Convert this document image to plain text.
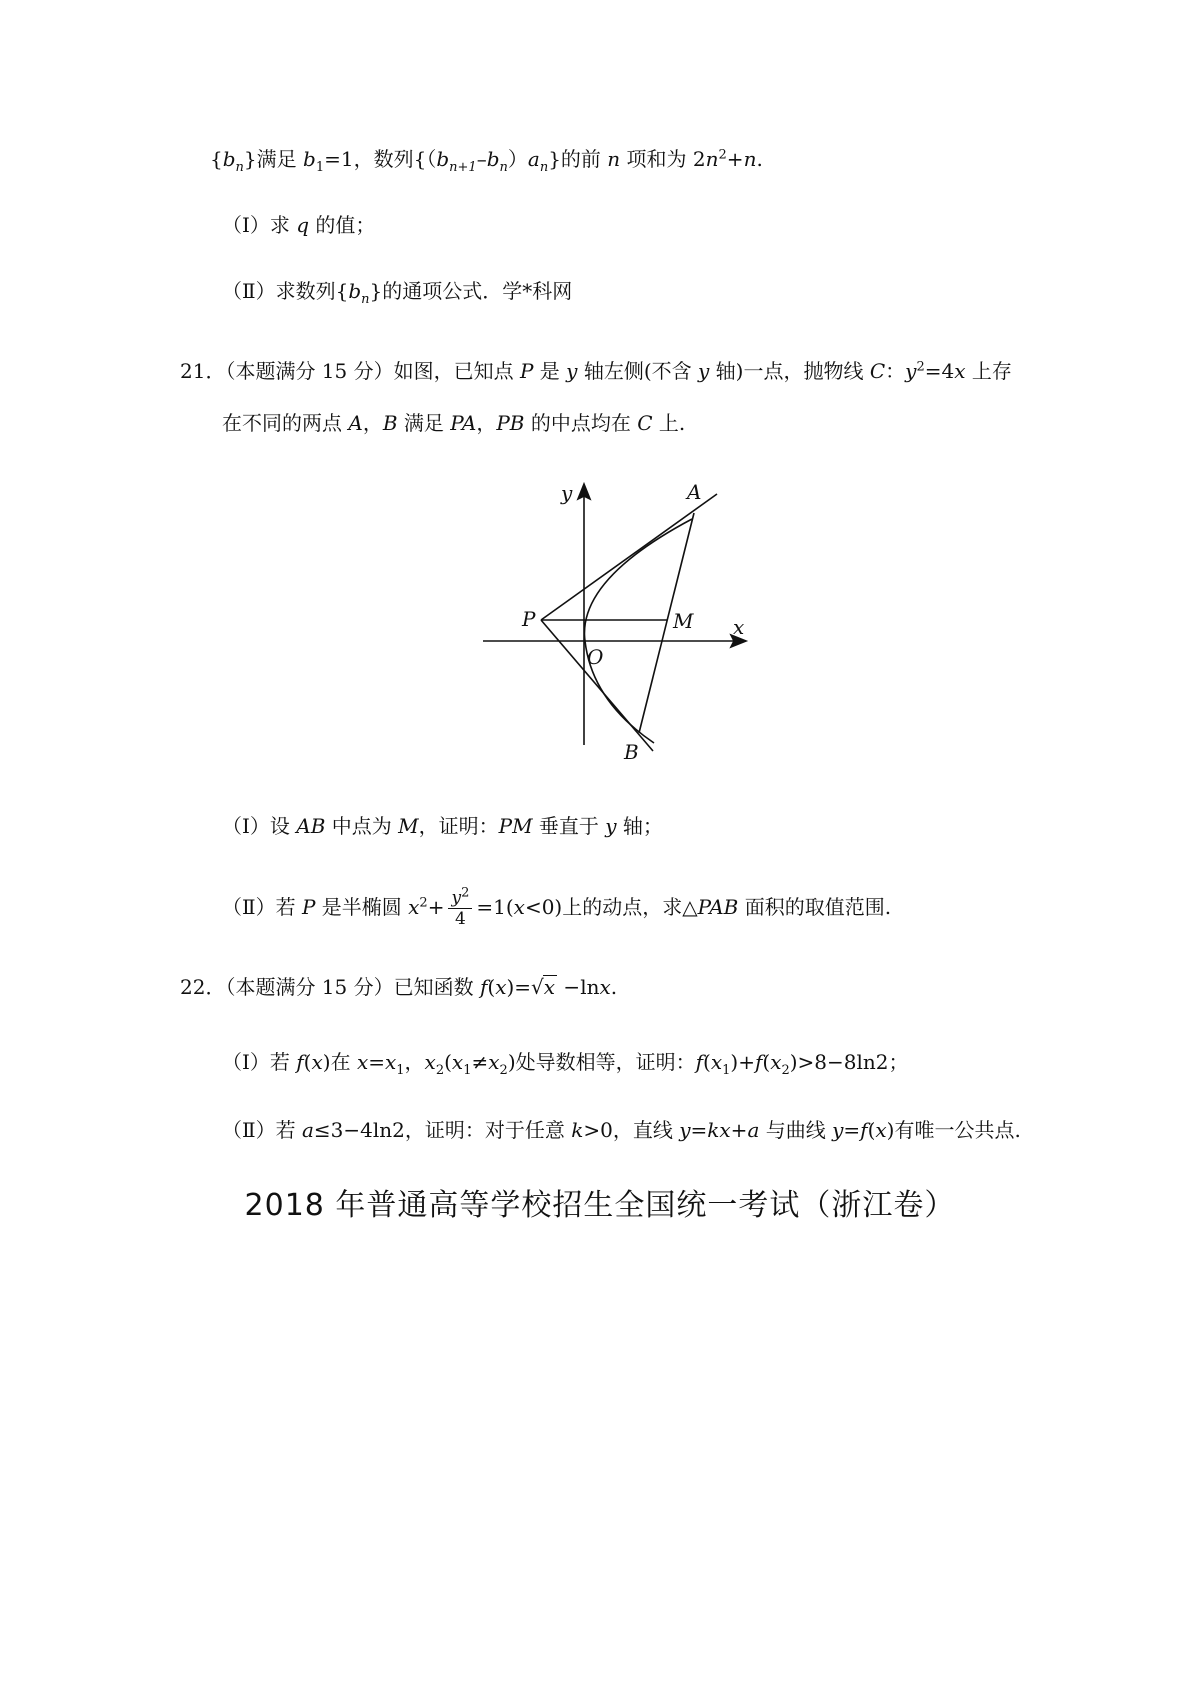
$\{b_n\}$满足 $b_1=1$，数列$\{(b_{n+1}-b_n)a_n\}$的前 n 项和为 $2n^2+n$.
（Ⅰ）求 q 的值；
（Ⅱ）求数列$\{b_n\}$的通项公式．学*科网
21．（本题满分 15 分）如图，已知点 P 是 y 轴左侧(不含 y 轴)一点，抛物线 C：$y^2=4x$ 上存
在不同的两点 A，B 满足 PA，PB 的中点均在 C 上.
y	A
P	M x
O
B
（Ⅰ）设 AB 中点为 M，证明：PM 垂直于 y 轴；
（Ⅱ）若 P 是半椭圆 $x^2+ \frac{y^2}{4} =1(x<0)$上的动点，求△PAB 面积的取值范围.
22．（本题满分 15 分）已知函数 f(x)=√x −lnx.
（Ⅰ）若 f(x)在 $x=x_1$，$x_2(x_1\ne x_2)$处导数相等，证明：$f(x_1)+f(x_2)>8-8\ln 2$；
（Ⅱ）若 a≤3−4ln2，证明：对于任意 k>0，直线 y=kx+a 与曲线 y=f(x)有唯一公共点.
2018 年普通高等学校招生全国统一考试（浙江卷）
